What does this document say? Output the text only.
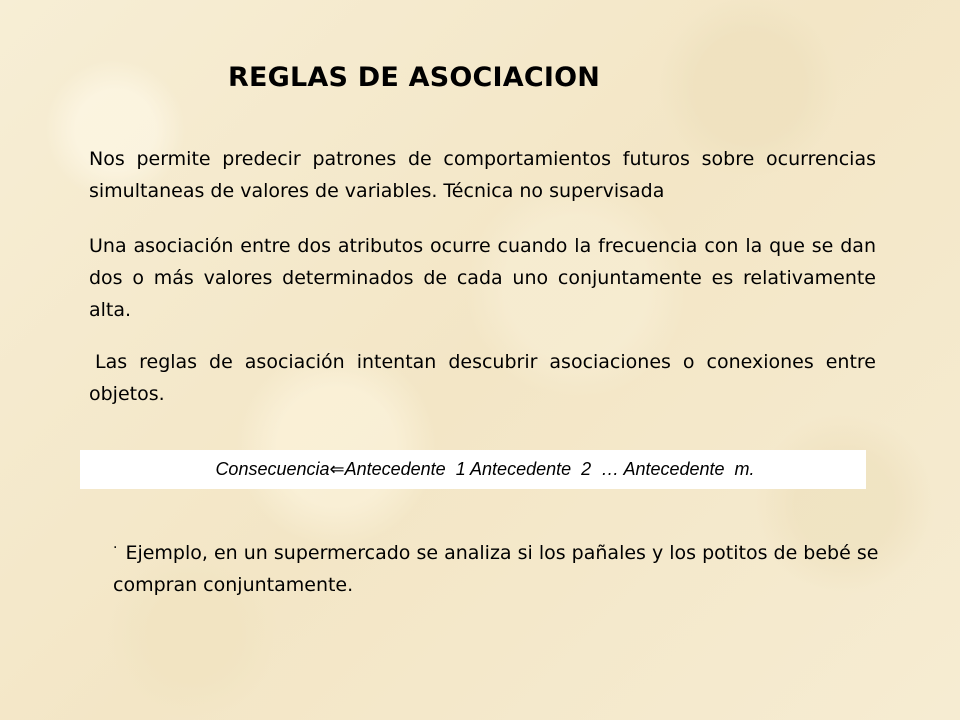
REGLAS DE ASOCIACION

Nos permite predecir patrones de comportamientos futuros sobre ocurrencias simultaneas de valores de variables. Técnica no supervisada

Una asociación entre dos atributos ocurre cuando la frecuencia con la que se dan dos o más valores determinados de cada uno conjuntamente es relativamente alta.

Las reglas de asociación intentan descubrir asociaciones o conexiones entre objetos.

Consecuencia⇐Antecedente  1 Antecedente  2  … Antecedente  m.

· Ejemplo, en un supermercado se analiza si los pañales y los potitos de bebé se compran conjuntamente.
